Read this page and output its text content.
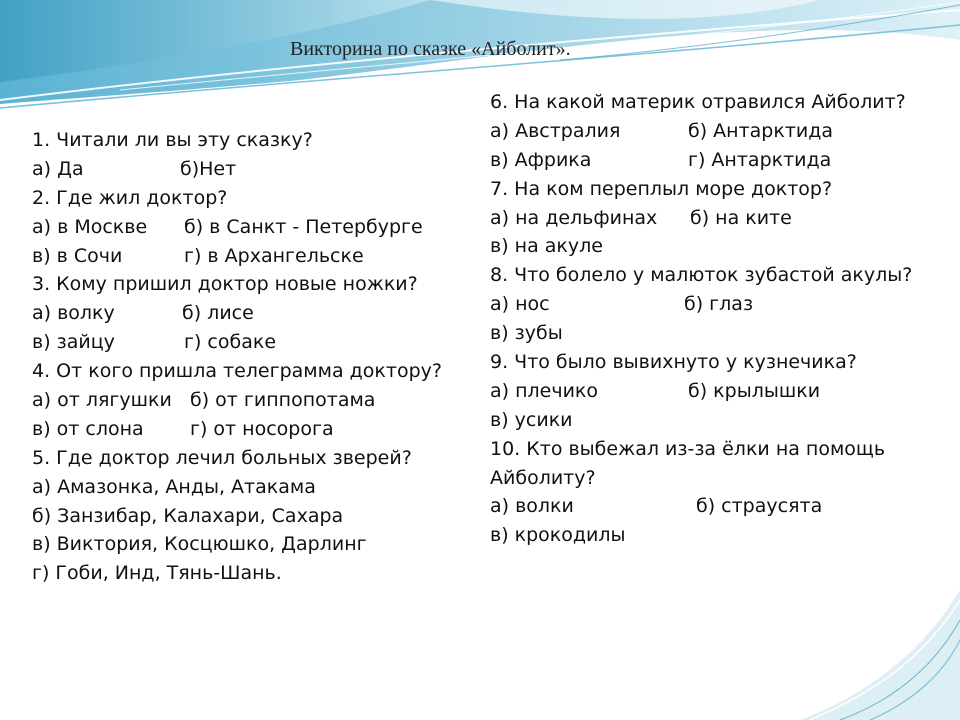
Викторина по сказке «Айболит».
1. Читали ли вы эту сказку?
а) Да	б)Нет
2. Где жил доктор?
а) в Москве б) в Санкт - Петербурге
в) в Сочи	г) в Архангельске
3. Кому пришил доктор новые ножки?
а) волку	б) лисе
в) зайцу	г) собаке
4. От кого пришла телеграмма доктору?
а) от лягушки б) от гиппопотама
в) от слона г) от носорога
5. Где доктор лечил больных зверей?
а) Амазонка, Анды, Атакама
б) Занзибар, Калахари, Сахара
в) Виктория, Косцюшко, Дарлинг
г) Гоби, Инд, Тянь-Шань.
6. На какой материк отравился Айболит?
а) Австралия	б) Антарктида
в) Африка	г) Антарктида
7. На ком переплыл море доктор?
а) на дельфинах б) на ките
в) на акуле
8. Что болело у малюток зубастой акулы?
а) нос	б) глаз
в) зубы
9. Что было вывихнуто у кузнечика?
а) плечико	б) крылышки
в) усики
10. Кто выбежал из-за ёлки на помощь
Айболиту?
а) волки	б) страусята
в) крокодилы
